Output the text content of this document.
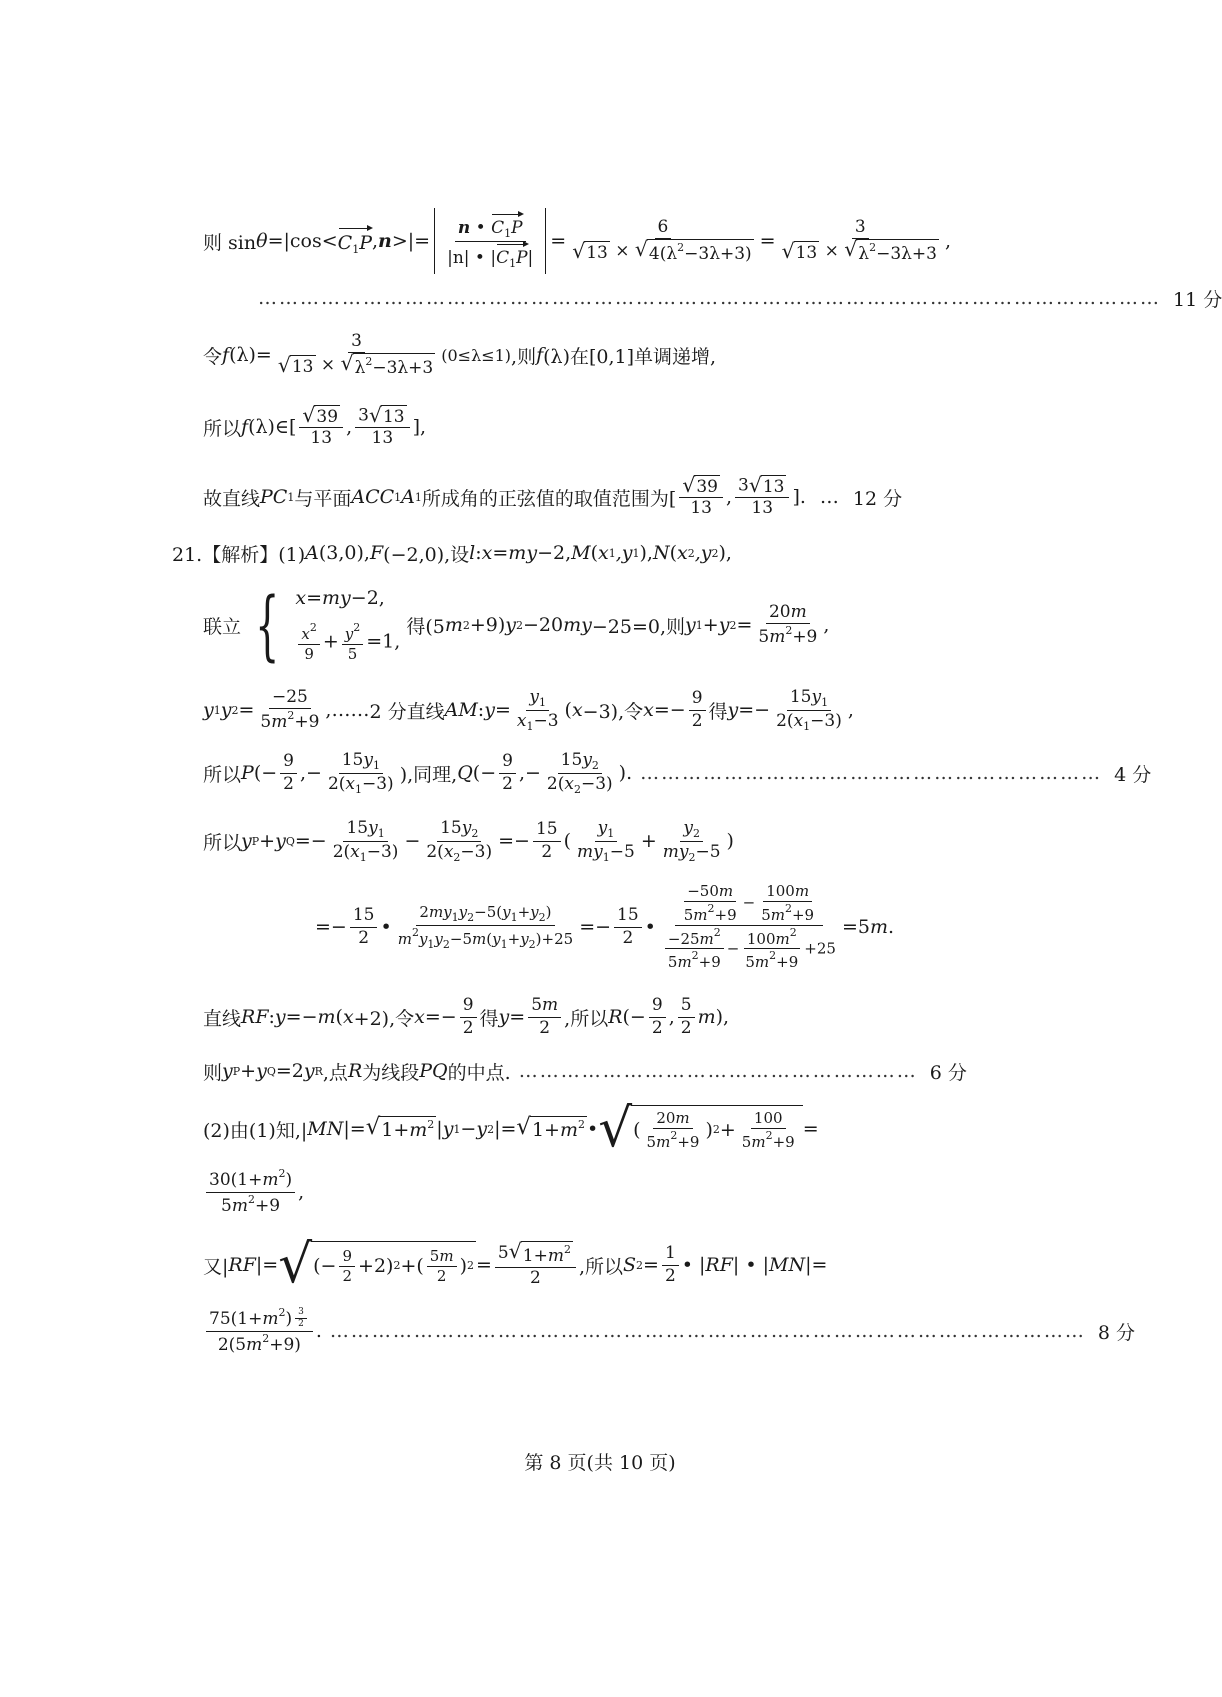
则 $\sin \theta =|\cos< C_1P$ , n >|= $\frac{n • C_1P}{|n| • |C_1P|} = \frac{6}{√ 13 \times √ 4(\lambda^2-3\lambda+3)} = \frac{3}{√ 13 \times √ \lambda^2-3\lambda+3}$ ,
………………………………………………………………………………………………………………… 11 分
令 f $(\lambda)= \frac{3}{√ 13 \times √ \lambda^2-3\lambda+3} (0\le\lambda\le 1)$ ,则 f (λ)在[0,1]单调递增,
所以 f (λ)∈[ $\frac{√ 39}{13}$ , $\frac{3 √ 13}{13}$ ],
故直线 PC 1 与平面 ACC 1 A 1 所成角的正弦值的取值范围为[ $\frac{√ 39}{13}$ , $\frac{3 √ 13}{13}$ ]. … 12 分
21.【解析】(1) A (3,0), F (−2,0),设 l : x = my −2, M ( x 1 ,y 1 ), N ( x 2 ,y 2 ),
联立 { x=my−2,
$\frac{x^2}{9} + \frac{y^2}{5} =1$,
得(5 m 2 +9) y 2 −20 my −25=0,则 y 1 + y $2 = \frac{20m}{5m^2+9}$ ,
y 1 y $2 = \frac{-25}{5m^2+9}$ ,…… 2 分 直线 AM : $y = \frac{y_1}{x_1-3}$ ( x −3),令 $x =- \frac{9}{2}$ 得 $y =- \frac{15y_1}{2(x_1-3)}$ ,
所以 P (− $\frac{9}{2}$ ,− $\frac{15y_1}{2(x_1-3)}$ ),同理, Q (− $\frac{9}{2}$ ,− $\frac{15y_2}{2(x_2-3)}$ ). ………………………………………………………… 4 分
所以 y P + y $Q =- \frac{15y_1}{2(x_1-3)} - \frac{15y_2}{2(x_2-3)} =- \frac{15}{2}$ ( $\frac{y_1}{my_1-5} + \frac{y_2}{my_2-5}$ )
=− $\frac{15}{2}$ • $\frac{2my_1y_2-5(y_1+y_2)}{m^2y_1y_2-5m(y_1+y_2)+25} =- \frac{15}{2}$ • $\frac{\frac{-50m}{5m^2+9} - \frac{100m}{5m^2+9}}{\frac{-25m^2}{5m^2+9} - \frac{100m^2}{5m^2+9} +25} =5$ m .
直线 RF : y =− m ( x +2),令 $x =- \frac{9}{2}$ 得 $y = \frac{5m}{2}$ ,所以 R (− $\frac{9}{2}$ , $\frac{5}{2}$ m ),
则 y P + y Q =2 y R ,点 R 为线段 PQ 的中点. ………………………………………………… 6 分
(2)由(1)知,| MN |= √ $1+m^2$ | y 1 − y 2 |= √ $1+m^2$ • √ ( $\frac{20m}{5m^2+9}$ ) $2 + \frac{100}{5m^2+9}$ =
$\frac{30(1+m^2)}{5m^2+9}$ ,
又| RF |= √ (− $\frac{9}{2} +2$) 2 +( $\frac{5m}{2}$ ) $2 = \frac{5 √ 1+m^2}{2}$ ,所以 S $2 = \frac{1}{2}$ • | RF | • | MN |=
$\frac{75(1+m^2) \frac{3}{2}}{2(5m^2+9)}$ . ……………………………………………………………………………………………… 8 分
第 8 页(共 10 页)
